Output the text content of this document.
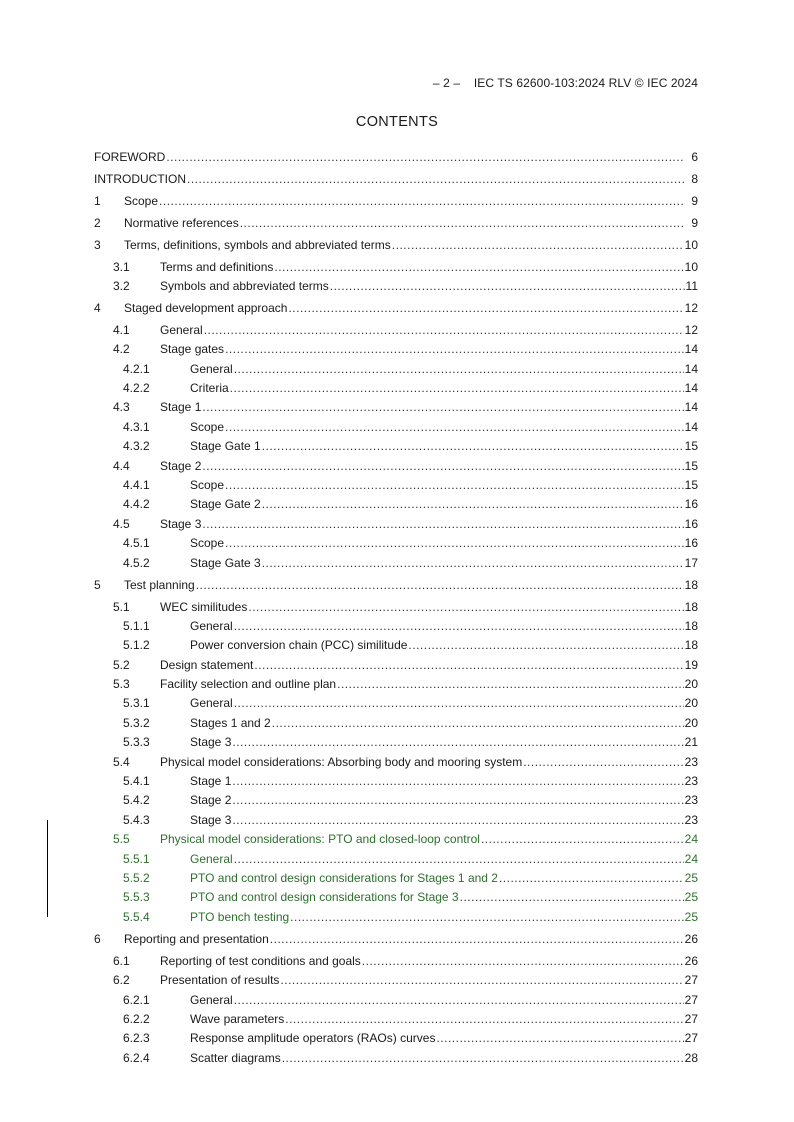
– 2 – IEC TS 62600-103:2024 RLV © IEC 2024
CONTENTS
FOREWORD .....	6
INTRODUCTION .....	8
1	Scope .....	9
2	Normative references .....	9
3	Terms, definitions, symbols and abbreviated terms .....	10
3.1	Terms and definitions .....	10
3.2	Symbols and abbreviated terms .....	11
4	Staged development approach .....	12
4.1	General .....	12
4.2	Stage gates .....	14
4.2.1	General .....	14
4.2.2	Criteria .....	14
4.3	Stage 1 .....	14
4.3.1	Scope .....	14
4.3.2	Stage Gate 1 .....	15
4.4	Stage 2 .....	15
4.4.1	Scope .....	15
4.4.2	Stage Gate 2 .....	16
4.5	Stage 3 .....	16
4.5.1	Scope .....	16
4.5.2	Stage Gate 3 .....	17
5	Test planning .....	18
5.1	WEC similitudes .....	18
5.1.1	General .....	18
5.1.2	Power conversion chain (PCC) similitude .....	18
5.2	Design statement .....	19
5.3	Facility selection and outline plan .....	20
5.3.1	General .....	20
5.3.2	Stages 1 and 2 .....	20
5.3.3	Stage 3 .....	21
5.4	Physical model considerations: Absorbing body and mooring system .....	23
5.4.1	Stage 1 .....	23
5.4.2	Stage 2 .....	23
5.4.3	Stage 3 .....	23
5.5	Physical model considerations: PTO and closed-loop control .....	24
5.5.1	General .....	24
5.5.2	PTO and control design considerations for Stages 1 and 2 .....	25
5.5.3	PTO and control design considerations for Stage 3 .....	25
5.5.4	PTO bench testing .....	25
6	Reporting and presentation .....	26
6.1	Reporting of test conditions and goals .....	26
6.2	Presentation of results .....	27
6.2.1	General .....	27
6.2.2	Wave parameters .....	27
6.2.3	Response amplitude operators (RAOs) curves .....	27
6.2.4	Scatter diagrams .....	28
